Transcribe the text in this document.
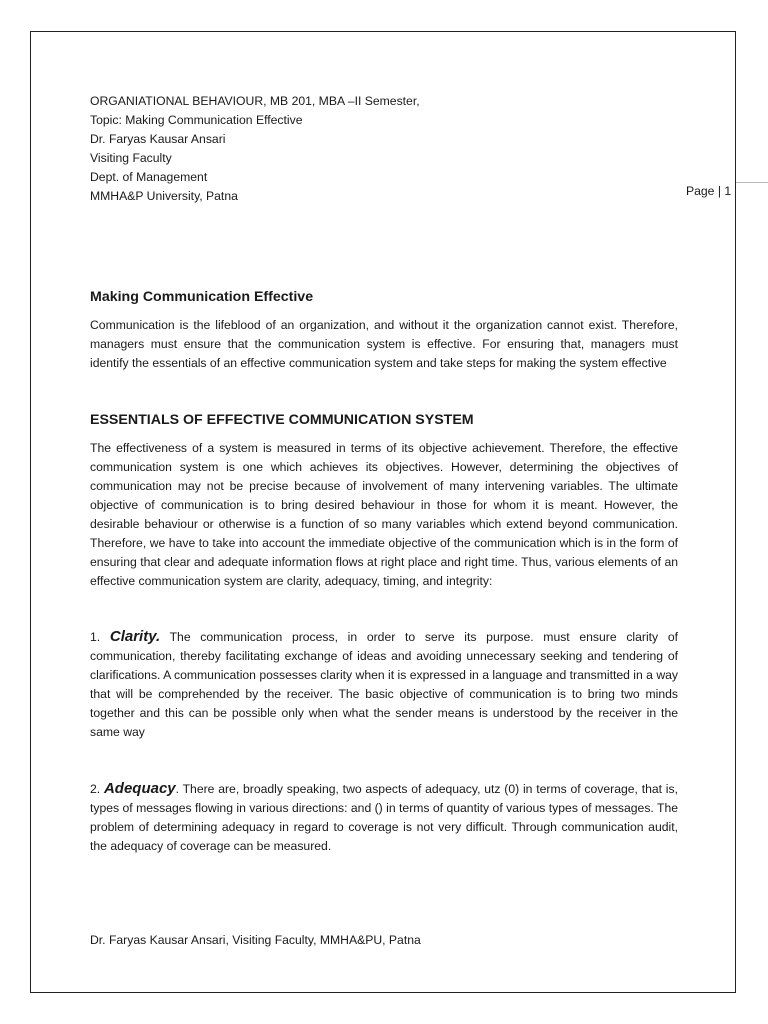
ORGANIATIONAL BEHAVIOUR, MB 201, MBA –II Semester,
Topic: Making Communication Effective
Dr. Faryas Kausar Ansari
Visiting Faculty
Dept. of Management
MMHA&P University, Patna	Page | 1
Making Communication Effective

Communication is the lifeblood of an organization, and without it the organization cannot exist. Therefore, managers must ensure that the communication system is effective. For ensuring that, managers must identify the essentials of an effective communication system and take steps for making the system effective

ESSENTIALS OF EFFECTIVE COMMUNICATION SYSTEM

The effectiveness of a system is measured in terms of its objective achievement. Therefore, the effective communication system is one which achieves its objectives. However, determining the objectives of communication may not be precise because of involvement of many intervening variables. The ultimate objective of communication is to bring desired behaviour in those for whom it is meant. However, the desirable behaviour or otherwise is a function of so many variables which extend beyond communication. Therefore, we have to take into account the immediate objective of the communication which is in the form of ensuring that clear and adequate information flows at right place and right time. Thus, various elements of an effective communication system are clarity, adequacy, timing, and integrity:

1. Clarity. The communication process, in order to serve its purpose. must ensure clarity of communication, thereby facilitating exchange of ideas and avoiding unnecessary seeking and tendering of clarifications. A communication possesses clarity when it is expressed in a language and transmitted in a way that will be comprehended by the receiver. The basic objective of communication is to bring two minds together and this can be possible only when what the sender means is understood by the receiver in the same way

2. Adequacy. There are, broadly speaking, two aspects of adequacy, utz (0) in terms of coverage, that is, types of messages flowing in various directions: and () in terms of quantity of various types of messages. The problem of determining adequacy in regard to coverage is not very difficult. Through communication audit, the adequacy of coverage can be measured.

Dr. Faryas Kausar Ansari, Visiting Faculty, MMHA&PU, Patna
